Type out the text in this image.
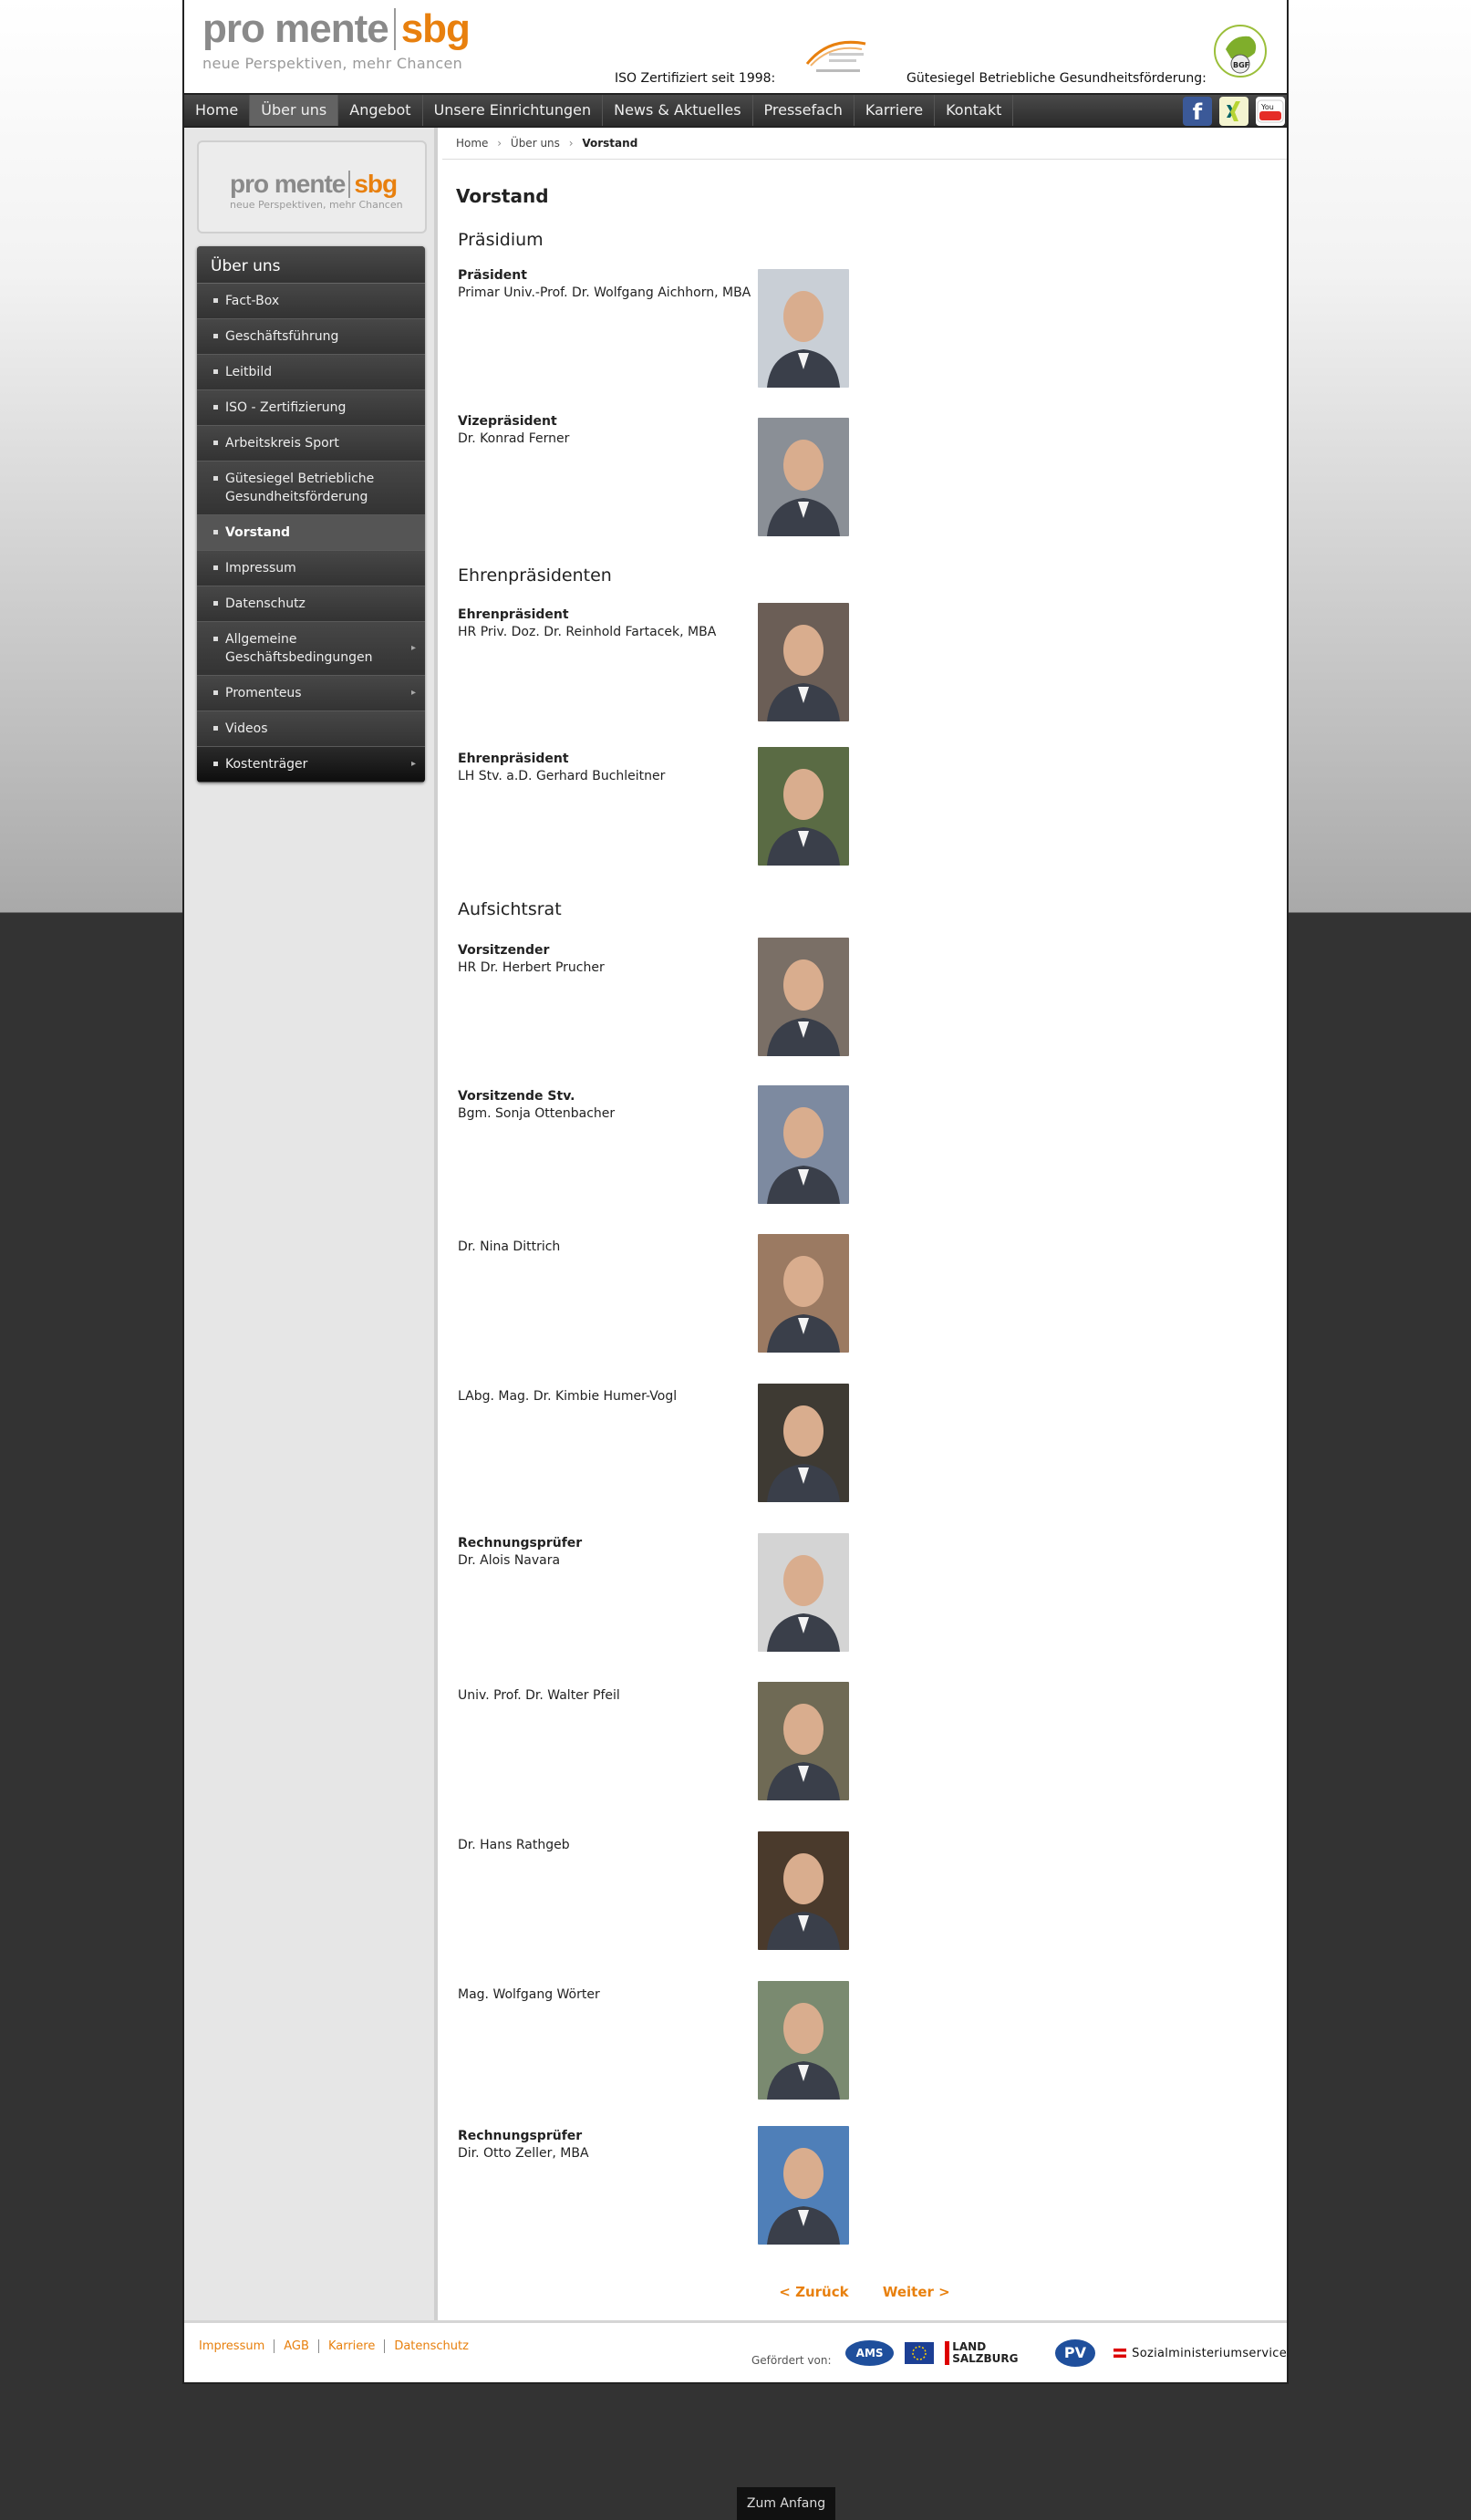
pro mente sbg
neue Perspektiven, mehr Chancen
ISO Zertifiziert seit 1998:	Gütesiegel Betriebliche Gesundheitsförderung:
BGF
Home	Über uns	Angebot	Unsere Einrichtungen	News & Aktuelles	Pressefach	Karriere	Kontakt	f	You
pro mente sbg
neue Perspektiven, mehr Chancen
Über uns
Fact-Box
Geschäftsführung
Leitbild
ISO - Zertifizierung
Arbeitskreis Sport
Gütesiegel Betriebliche Gesundheitsförderung
Vorstand
Impressum
Datenschutz
Allgemeine Geschäftsbedingungen
▸
Promenteus	▸
Videos
Kostenträger	▸
Home › Über uns › Vorstand
Vorstand
Präsidium
Ehrenpräsidenten
Aufsichtsrat
Präsident
Primar Univ.-Prof. Dr. Wolfgang Aichhorn, MBA
Vizepräsident
Dr. Konrad Ferner
Ehrenpräsident
HR Priv. Doz. Dr. Reinhold Fartacek, MBA
Ehrenpräsident
LH Stv. a.D. Gerhard Buchleitner
Vorsitzender
HR Dr. Herbert Prucher
Vorsitzende Stv.
Bgm. Sonja Ottenbacher
Dr. Nina Dittrich
LAbg. Mag. Dr. Kimbie Humer-Vogl
Rechnungsprüfer
Dr. Alois Navara
Univ. Prof. Dr. Walter Pfeil
Dr. Hans Rathgeb
Mag. Wolfgang Wörter
Rechnungsprüfer
Dir. Otto Zeller, MBA
< Zurück Weiter >
Impressum	AGB	Karriere	Datenschutz
Gefördert von:
AMS	LAND SALZBURG	PV	Sozialministeriumservice
Zum Anfang
